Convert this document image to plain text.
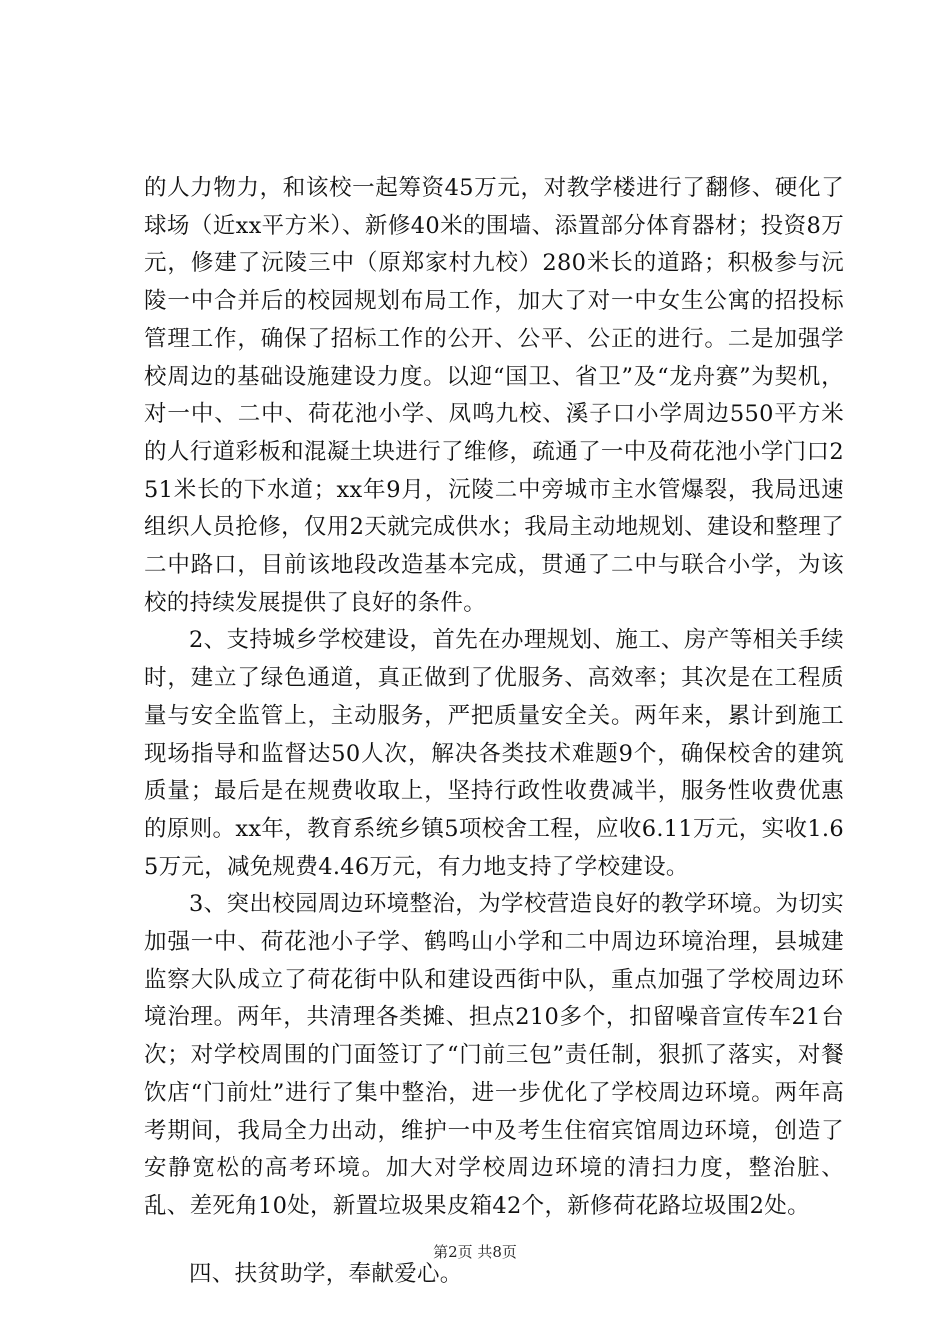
的人力物力，和该校一起筹资45万元，对教学楼进行了翻修、硬化了球场（近xx平方米）、新修40米的围墙、添置部分体育器材；投资8万元，修建了沅陵三中（原郑家村九校）280米长的道路；积极参与沅陵一中合并后的校园规划布局工作，加大了对一中女生公寓的招投标管理工作，确保了招标工作的公开、公平、公正的进行。二是加强学校周边的基础设施建设力度。以迎“国卫、省卫”及“龙舟赛”为契机，对一中、二中、荷花池小学、凤鸣九校、溪子口小学周边550平方米的人行道彩板和混凝土块进行了维修，疏通了一中及荷花池小学门口251米长的下水道；xx年9月，沅陵二中旁城市主水管爆裂，我局迅速组织人员抢修，仅用2天就完成供水；我局主动地规划、建设和整理了二中路口，目前该地段改造基本完成，贯通了二中与联合小学，为该校的持续发展提供了良好的条件。

2、支持城乡学校建设，首先在办理规划、施工、房产等相关手续时，建立了绿色通道，真正做到了优服务、高效率；其次是在工程质量与安全监管上，主动服务，严把质量安全关。两年来，累计到施工现场指导和监督达50人次，解决各类技术难题9个，确保校舍的建筑质量；最后是在规费收取上，坚持行政性收费减半，服务性收费优惠的原则。xx年，教育系统乡镇5项校舍工程，应收6.11万元，实收1.65万元，减免规费4.46万元，有力地支持了学校建设。

3、突出校园周边环境整治，为学校营造良好的教学环境。为切实加强一中、荷花池小子学、鹤鸣山小学和二中周边环境治理，县城建监察大队成立了荷花街中队和建设西街中队，重点加强了学校周边环境治理。两年，共清理各类摊、担点210多个，扣留噪音宣传车21台次；对学校周围的门面签订了“门前三包”责任制，狠抓了落实，对餐饮店“门前灶”进行了集中整治，进一步优化了学校周边环境。两年高考期间，我局全力出动，维护一中及考生住宿宾馆周边环境，创造了安静宽松的高考环境。加大对学校周边环境的清扫力度，整治脏、乱、差死角10处，新置垃圾果皮箱42个，新修荷花路垃圾围2处。

四、扶贫助学，奉献爱心。

第2页 共8页
